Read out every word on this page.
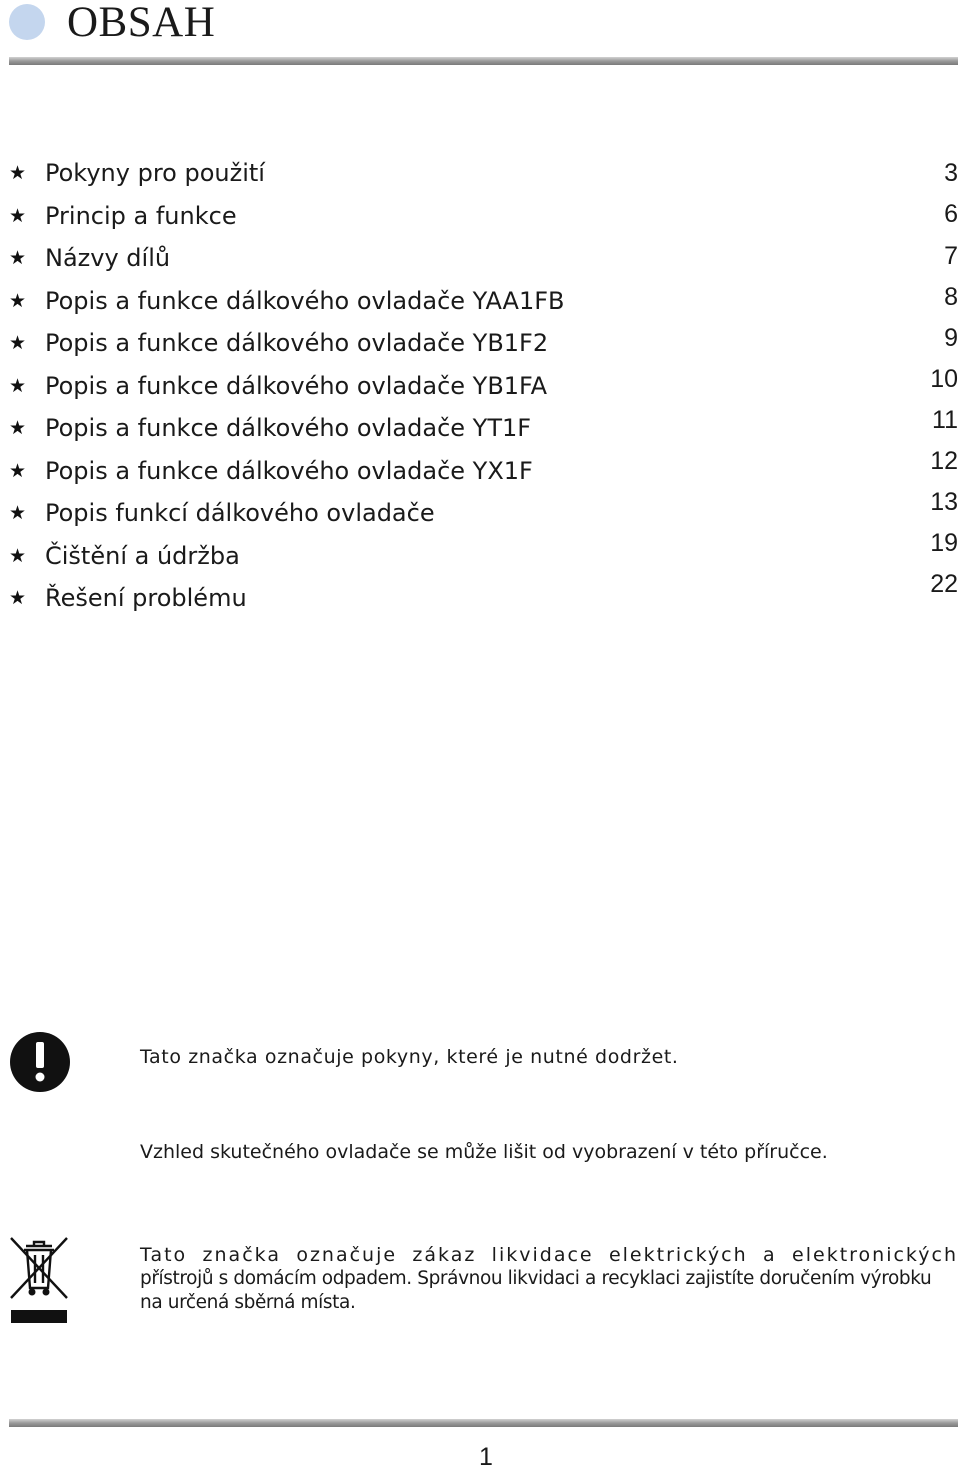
OBSAH
★ Pokyny pro použití	3
★ Princip a funkce	6
★ Názvy dílů	7
★ Popis a funkce dálkového ovladače YAA1FB	8
★ Popis a funkce dálkového ovladače YB1F2	9
★ Popis a funkce dálkového ovladače YB1FA	10
★ Popis a funkce dálkového ovladače YT1F	11
★ Popis a funkce dálkového ovladače YX1F	12
★ Popis funkcí dálkového ovladače	13
★ Čištění a údržba	19
★ Řešení problému	22
Tato značka označuje pokyny, které je nutné dodržet.
Vzhled skutečného ovladače se může lišit od vyobrazení v této příručce.
Tato značka označuje zákaz likvidace elektrických a elektronických
přístrojů s domácím odpadem. Správnou likvidaci a recyklaci zajistíte doručením výrobku na určená sběrná místa.
1
